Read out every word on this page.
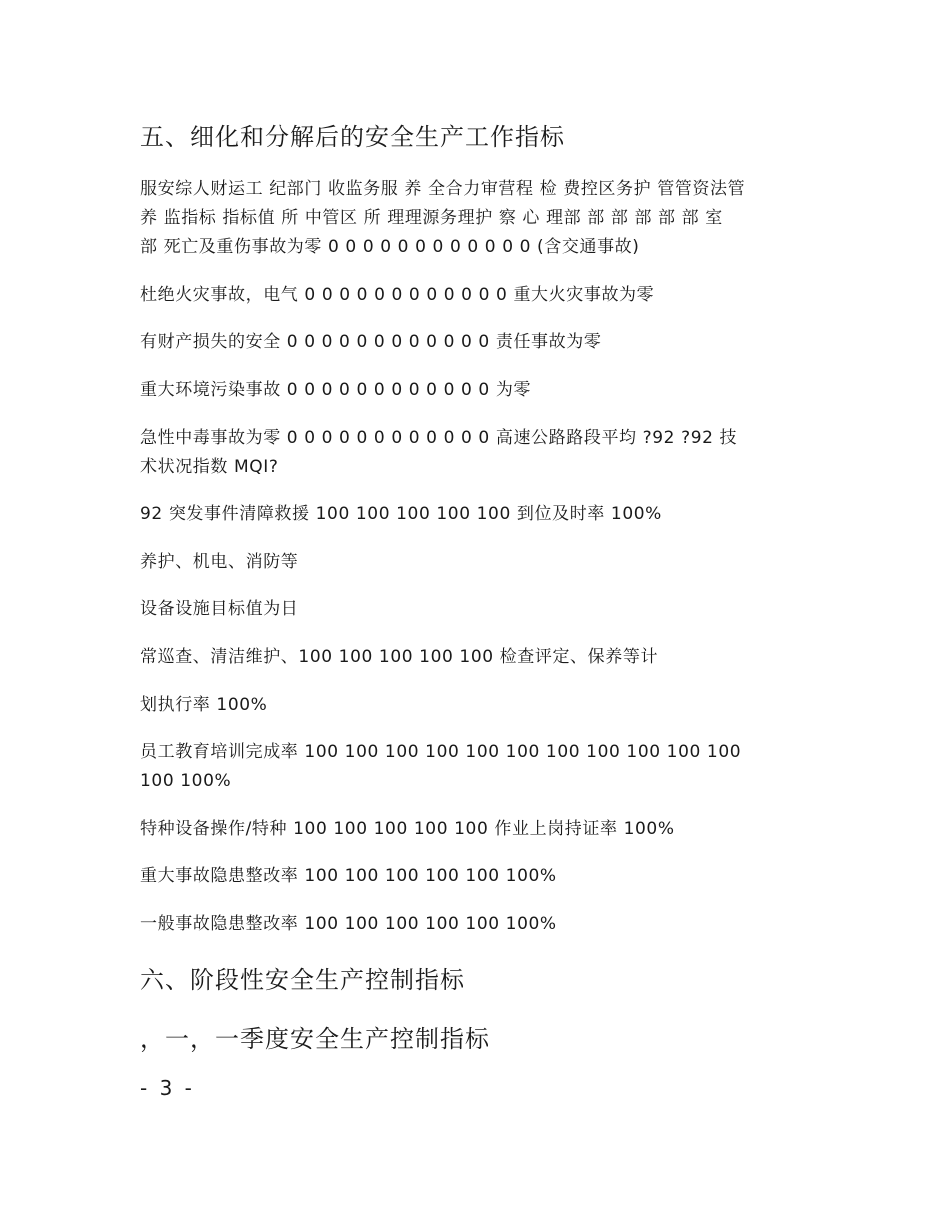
五、细化和分解后的安全生产工作指标
服安综人财运工 纪部门 收监务服 养 全合力审营程 检 费控区务护 管管资法管
养 监指标 指标值 所 中管区 所 理理源务理护 察 心 理部 部 部 部 部 部 室
部 死亡及重伤事故为零 0 0 0 0 0 0 0 0 0 0 0 0 (含交通事故)
杜绝火灾事故，电气 0 0 0 0 0 0 0 0 0 0 0 0 重大火灾事故为零
有财产损失的安全 0 0 0 0 0 0 0 0 0 0 0 0 责任事故为零
重大环境污染事故 0 0 0 0 0 0 0 0 0 0 0 0 为零
急性中毒事故为零 0 0 0 0 0 0 0 0 0 0 0 0 高速公路路段平均 ?92 ?92 技
术状况指数 MQI?
92 突发事件清障救援 100 100 100 100 100 到位及时率 100%
养护、机电、消防等
设备设施目标值为日
常巡查、清洁维护、100 100 100 100 100 检查评定、保养等计
划执行率 100%
员工教育培训完成率 100 100 100 100 100 100 100 100 100 100 100
100 100%
特种设备操作/特种 100 100 100 100 100 作业上岗持证率 100%
重大事故隐患整改率 100 100 100 100 100 100%
一般事故隐患整改率 100 100 100 100 100 100%
六、阶段性安全生产控制指标
，一，一季度安全生产控制指标
- 3 -
